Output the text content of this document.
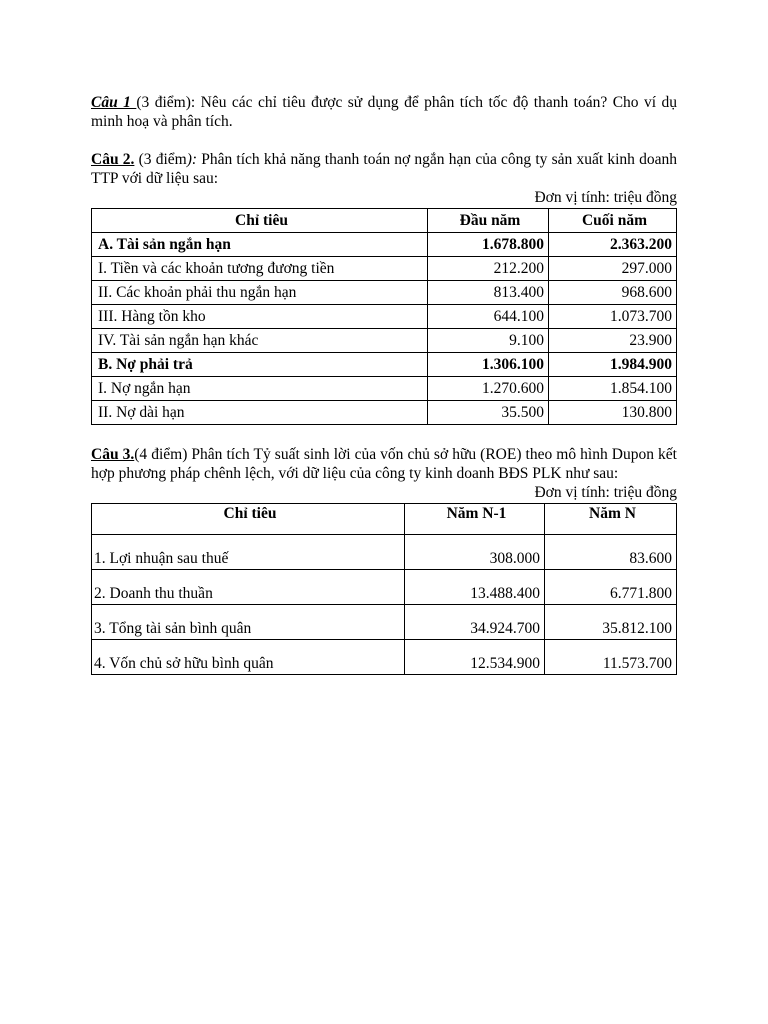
Câu 1 (3 điểm): Nêu các chỉ tiêu được sử dụng để phân tích tốc độ thanh toán? Cho ví dụ minh hoạ và phân tích.

Câu 2. (3 điểm): Phân tích khả năng thanh toán nợ ngắn hạn của công ty sản xuất kinh doanh TTP với dữ liệu sau:

Đơn vị tính: triệu đồng
Chỉ tiêu	Đầu năm	Cuối năm
A. Tài sản ngắn hạn	1.678.800	2.363.200
I. Tiền và các khoản tương đương tiền	212.200	297.000
II. Các khoản phải thu ngắn hạn	813.400	968.600
III. Hàng tồn kho	644.100	1.073.700
IV. Tài sản ngắn hạn khác	9.100	23.900
B. Nợ phải trả	1.306.100	1.984.900
I. Nợ ngắn hạn	1.270.600	1.854.100
II. Nợ dài hạn	35.500	130.800

Câu 3.(4 điểm) Phân tích Tỷ suất sinh lời của vốn chủ sở hữu (ROE) theo mô hình Dupon kết hợp phương pháp chênh lệch, với dữ liệu của công ty kinh doanh BĐS PLK như sau:

Đơn vị tính: triệu đồng
Chỉ tiêu	Năm N-1	Năm N
1. Lợi nhuận sau thuế	308.000	83.600
2. Doanh thu thuần	13.488.400	6.771.800
3. Tổng tài sản bình quân	34.924.700	35.812.100
4. Vốn chủ sở hữu bình quân	12.534.900	11.573.700
